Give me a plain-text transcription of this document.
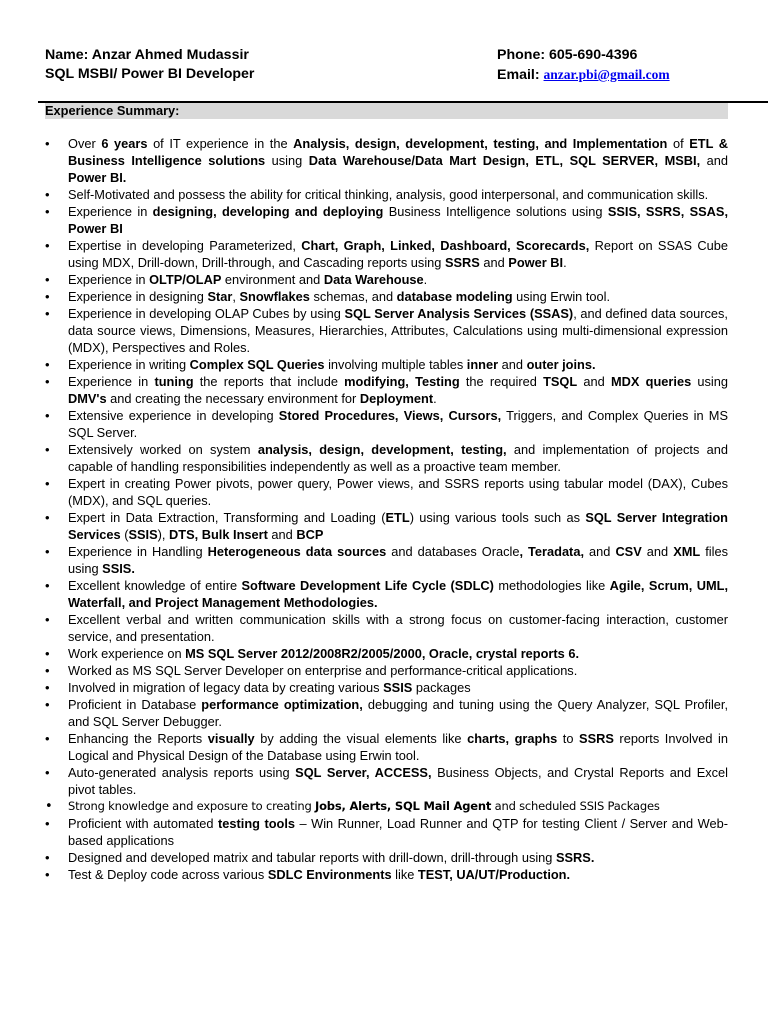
Name: Anzar Ahmed Mudassir	Phone: 605-690-4396
SQL MSBI/ Power BI Developer	Email: anzar.pbi@gmail.com
Experience Summary:
• Over 6 years of IT experience in the Analysis, design, development, testing, and Implementation of ETL & Business Intelligence solutions using Data Warehouse/Data Mart Design, ETL, SQL SERVER, MSBI, and Power BI.
• Self-Motivated and possess the ability for critical thinking, analysis, good interpersonal, and communication skills.
• Experience in designing, developing and deploying Business Intelligence solutions using SSIS, SSRS, SSAS, Power BI
• Expertise in developing Parameterized, Chart, Graph, Linked, Dashboard, Scorecards, Report on SSAS Cube using MDX, Drill-down, Drill-through, and Cascading reports using SSRS and Power BI.
• Experience in OLTP/OLAP environment and Data Warehouse.
• Experience in designing Star, Snowflakes schemas, and database modeling using Erwin tool.
• Experience in developing OLAP Cubes by using SQL Server Analysis Services (SSAS), and defined data sources, data source views, Dimensions, Measures, Hierarchies, Attributes, Calculations using multi-dimensional expression (MDX), Perspectives and Roles.
• Experience in writing Complex SQL Queries involving multiple tables inner and outer joins.
• Experience in tuning the reports that include modifying, Testing the required TSQL and MDX queries using DMV's and creating the necessary environment for Deployment.
• Extensive experience in developing Stored Procedures, Views, Cursors, Triggers, and Complex Queries in MS SQL Server.
• Extensively worked on system analysis, design, development, testing, and implementation of projects and capable of handling responsibilities independently as well as a proactive team member.
• Expert in creating Power pivots, power query, Power views, and SSRS reports using tabular model (DAX), Cubes (MDX), and SQL queries.
• Expert in Data Extraction, Transforming and Loading (ETL) using various tools such as SQL Server Integration Services (SSIS), DTS, Bulk Insert and BCP
• Experience in Handling Heterogeneous data sources and databases Oracle, Teradata, and CSV and XML files using SSIS.
• Excellent knowledge of entire Software Development Life Cycle (SDLC) methodologies like Agile, Scrum, UML, Waterfall, and Project Management Methodologies.
• Excellent verbal and written communication skills with a strong focus on customer-facing interaction, customer service, and presentation.
• Work experience on MS SQL Server 2012/2008R2/2005/2000, Oracle, crystal reports 6.
• Worked as MS SQL Server Developer on enterprise and performance-critical applications.
• Involved in migration of legacy data by creating various SSIS packages
• Proficient in Database performance optimization, debugging and tuning using the Query Analyzer, SQL Profiler, and SQL Server Debugger.
• Enhancing the Reports visually by adding the visual elements like charts, graphs to SSRS reports Involved in Logical and Physical Design of the Database using Erwin tool.
• Auto-generated analysis reports using SQL Server, ACCESS, Business Objects, and Crystal Reports and Excel pivot tables.
• Strong knowledge and exposure to creating Jobs, Alerts, SQL Mail Agent and scheduled SSIS Packages
• Proficient with automated testing tools – Win Runner, Load Runner and QTP for testing Client / Server and Web-based applications
• Designed and developed matrix and tabular reports with drill-down, drill-through using SSRS.
• Test & Deploy code across various SDLC Environments like TEST, UA/UT/Production.
